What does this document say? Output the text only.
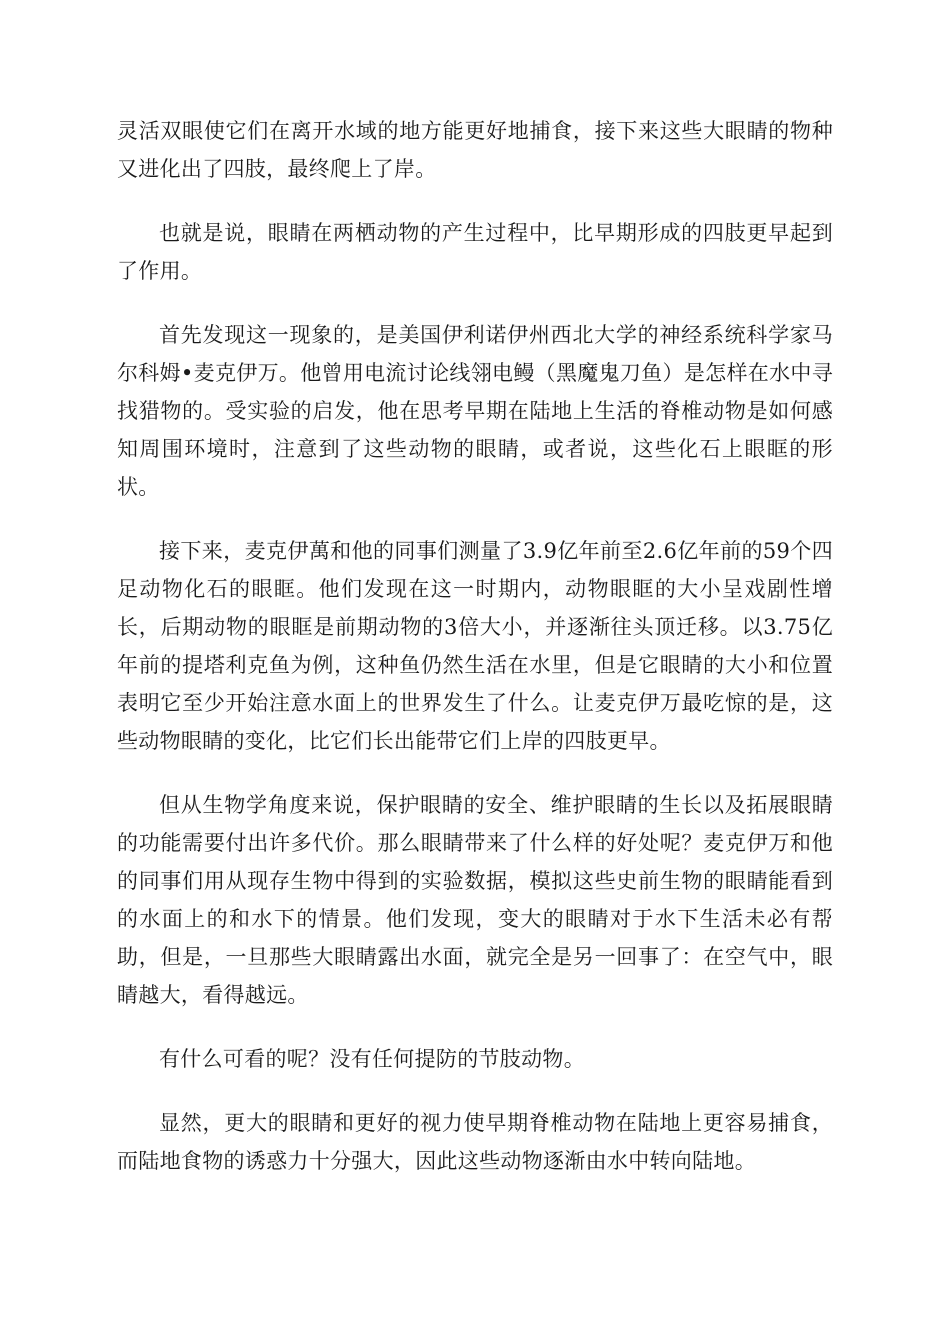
灵活双眼使它们在离开水域的地方能更好地捕食，接下来这些大眼睛的物种又进化出了四肢，最终爬上了岸。

也就是说，眼睛在两栖动物的产生过程中，比早期形成的四肢更早起到了作用。

首先发现这一现象的，是美国伊利诺伊州西北大学的神经系统科学家马尔科姆•麦克伊万。他曾用电流讨论线翎电鳗（黑魔鬼刀鱼）是怎样在水中寻找猎物的。受实验的启发，他在思考早期在陆地上生活的脊椎动物是如何感知周围环境时，注意到了这些动物的眼睛，或者说，这些化石上眼眶的形状。

接下来，麦克伊萬和他的同事们测量了3.9亿年前至2.6亿年前的59个四足动物化石的眼眶。他们发现在这一时期内，动物眼眶的大小呈戏剧性增长，后期动物的眼眶是前期动物的3倍大小，并逐渐往头顶迁移。以3.75亿年前的提塔利克鱼为例，这种鱼仍然生活在水里，但是它眼睛的大小和位置表明它至少开始注意水面上的世界发生了什么。让麦克伊万最吃惊的是，这些动物眼睛的变化，比它们长出能带它们上岸的四肢更早。

但从生物学角度来说，保护眼睛的安全、维护眼睛的生长以及拓展眼睛的功能需要付出许多代价。那么眼睛带来了什么样的好处呢？麦克伊万和他的同事们用从现存生物中得到的实验数据，模拟这些史前生物的眼睛能看到的水面上的和水下的情景。他们发现，变大的眼睛对于水下生活未必有帮助，但是，一旦那些大眼睛露出水面，就完全是另一回事了：在空气中，眼睛越大，看得越远。

有什么可看的呢？没有任何提防的节肢动物。

显然，更大的眼睛和更好的视力使早期脊椎动物在陆地上更容易捕食，而陆地食物的诱惑力十分强大，因此这些动物逐渐由水中转向陆地。
